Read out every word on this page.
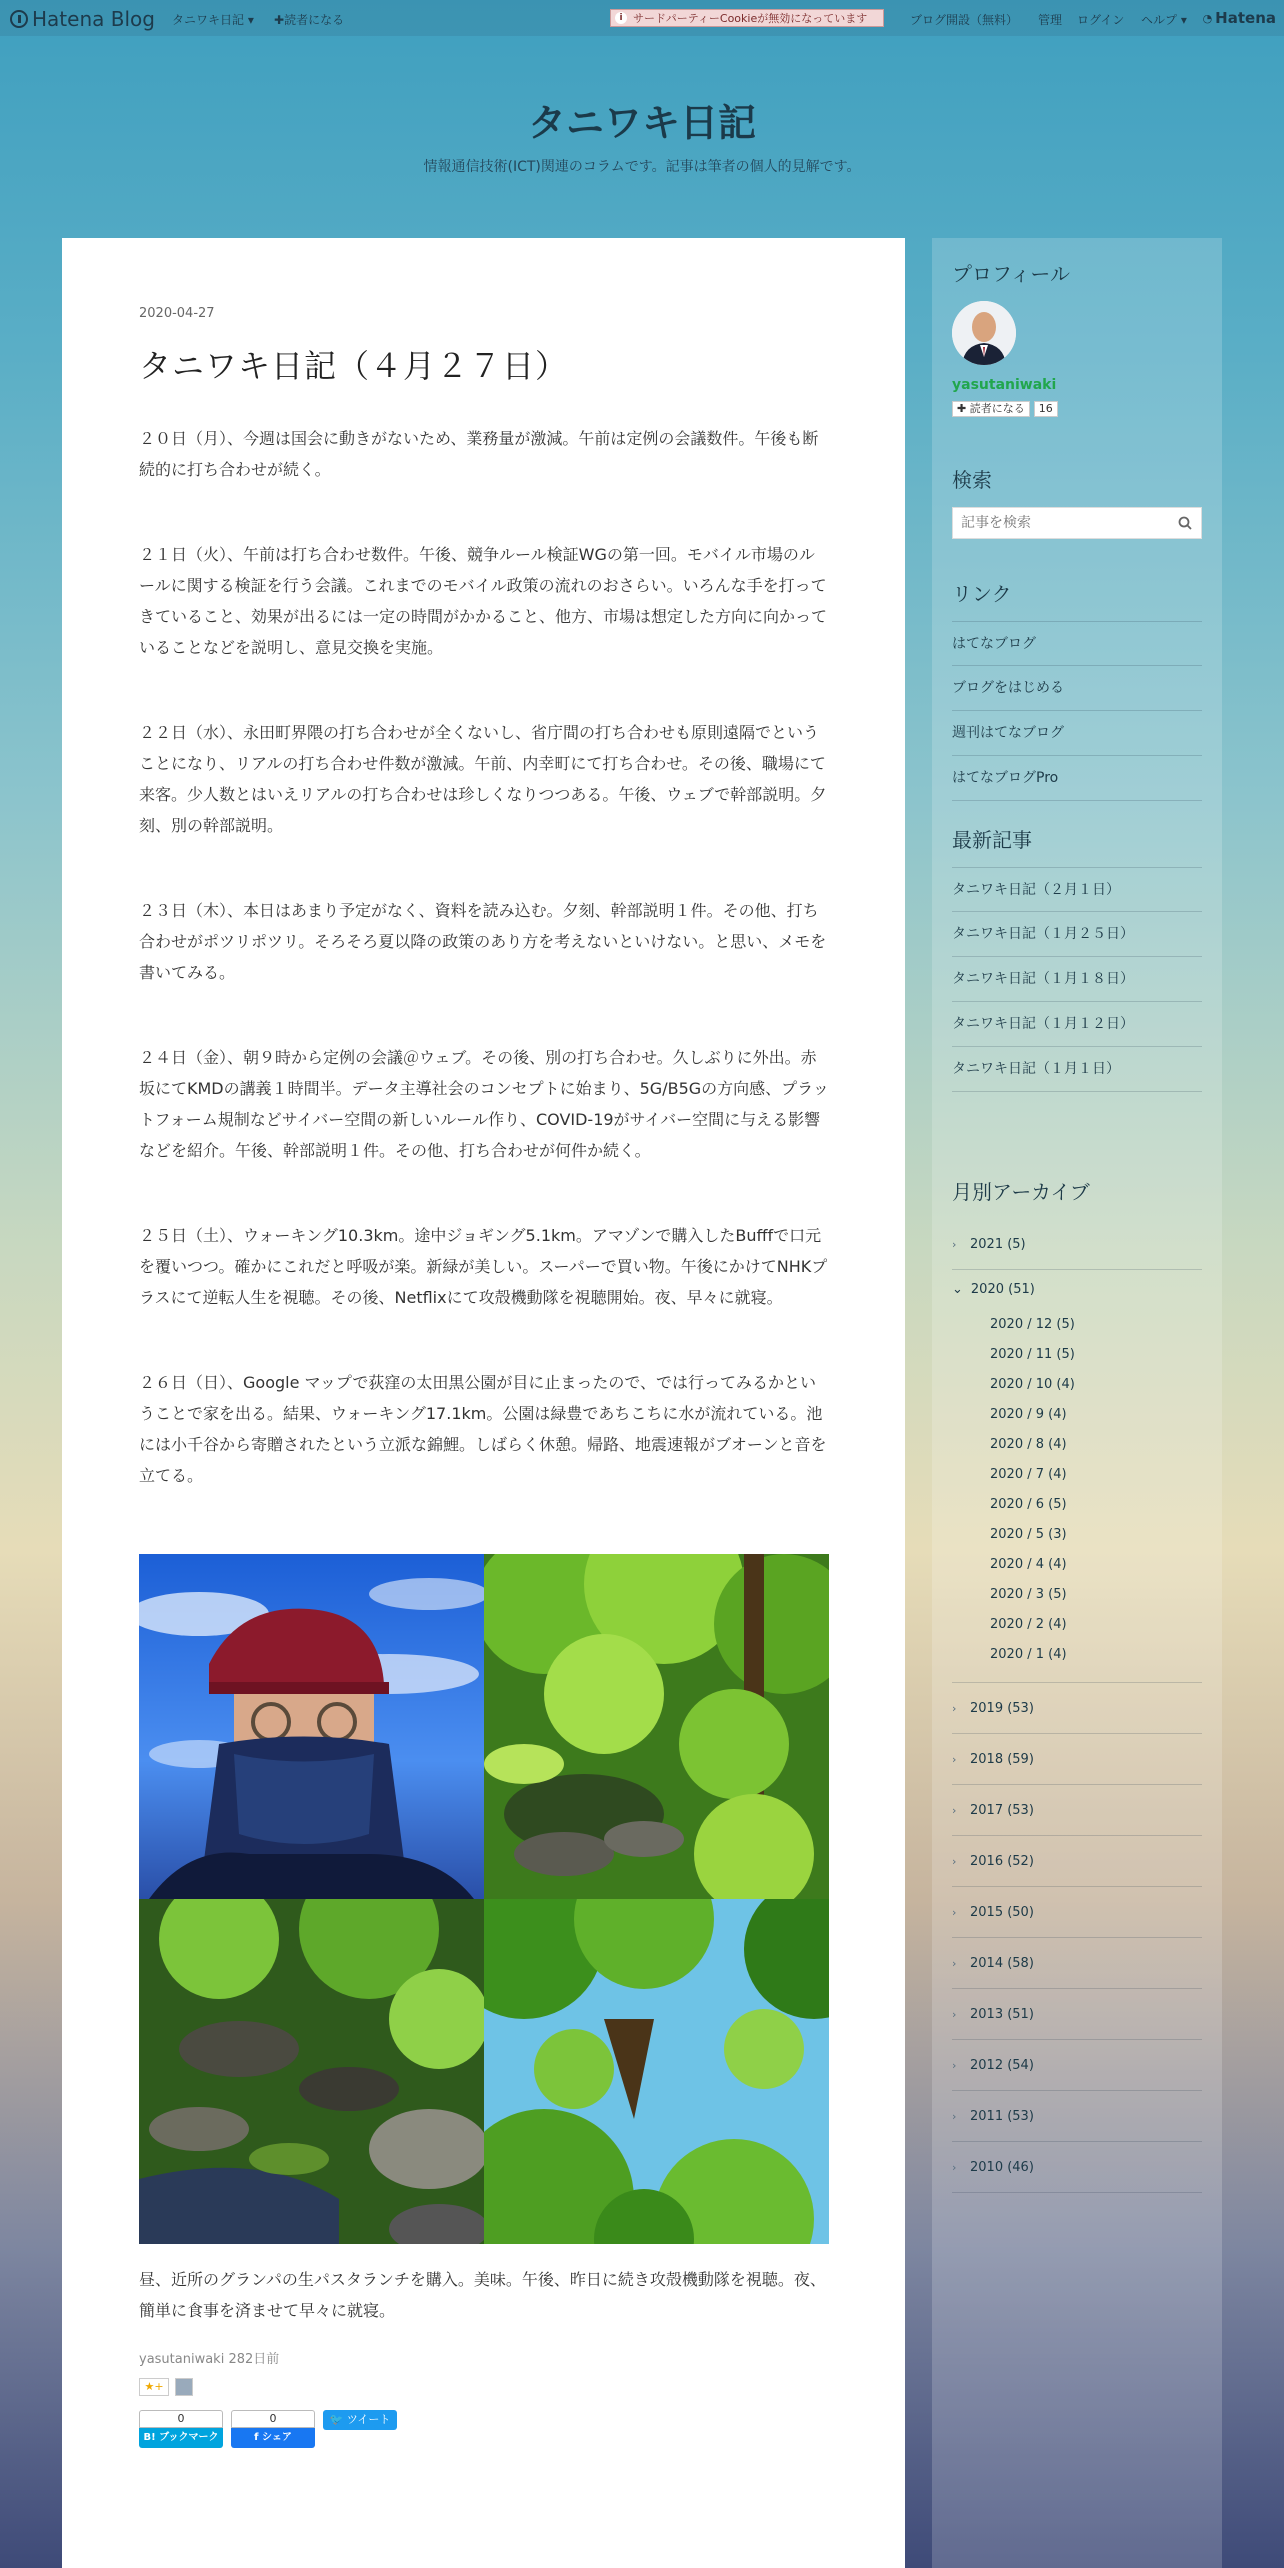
Hatena Blog タニワキ日記 ▾ ✚読者になる	i サードパーティーCookieが無効になっています	ブログ開設（無料） 管理 ログイン ヘルプ ▾ ◔ Hatena
タニワキ日記
情報通信技術(ICT)関連のコラムです。記事は筆者の個人的見解です。
2020-04-27
タニワキ日記（４月２７日）

２０日（月）、今週は国会に動きがないため、業務量が激減。午前は定例の会議数件。午後も断続的に打ち合わせが続く。

２１日（火）、午前は打ち合わせ数件。午後、競争ルール検証WGの第一回。モバイル市場のルールに関する検証を行う会議。これまでのモバイル政策の流れのおさらい。いろんな手を打ってきていること、効果が出るには一定の時間がかかること、他方、市場は想定した方向に向かっていることなどを説明し、意見交換を実施。

２２日（水）、永田町界隈の打ち合わせが全くないし、省庁間の打ち合わせも原則遠隔でということになり、リアルの打ち合わせ件数が激減。午前、内幸町にて打ち合わせ。その後、職場にて来客。少人数とはいえリアルの打ち合わせは珍しくなりつつある。午後、ウェブで幹部説明。夕刻、別の幹部説明。

２３日（木）、本日はあまり予定がなく、資料を読み込む。夕刻、幹部説明１件。その他、打ち合わせがポツリポツリ。そろそろ夏以降の政策のあり方を考えないといけない。と思い、メモを書いてみる。

２４日（金）、朝９時から定例の会議＠ウェブ。その後、別の打ち合わせ。久しぶりに外出。赤坂にてKMDの講義１時間半。データ主導社会のコンセプトに始まり、5G/B5Gの方向感、プラットフォーム規制などサイバー空間の新しいルール作り、COVID-19がサイバー空間に与える影響などを紹介。午後、幹部説明１件。その他、打ち合わせが何件か続く。

２５日（土）、ウォーキング10.3km。途中ジョギング5.1km。アマゾンで購入したBufffで口元を覆いつつ。確かにこれだと呼吸が楽。新緑が美しい。スーパーで買い物。午後にかけてNHKプラスにて逆転人生を視聴。その後、Netflixにて攻殻機動隊を視聴開始。夜、早々に就寝。

２６日（日）、Google マップで荻窪の太田黒公園が目に止まったので、では行ってみるかということで家を出る。結果、ウォーキング17.1km。公園は緑豊であちこちに水が流れている。池には小千谷から寄贈されたという立派な錦鯉。しばらく休憩。帰路、地震速報がブオーンと音を立てる。

昼、近所のグランパの生パスタランチを購入。美味。午後、昨日に続き攻殻機動隊を視聴。夜、簡単に食事を済ませて早々に就寝。
yasutaniwaki 282日前
★+
0
B! ブックマーク
0
f シェア
🐦 ツイート
プロフィール
yasutaniwaki
✚ 読者になる	16
検索
記事を検索
リンク
はてなブログ
ブログをはじめる
週刊はてなブログ
はてなブログPro
最新記事
タニワキ日記（２月１日）
タニワキ日記（１月２５日）
タニワキ日記（１月１８日）
タニワキ日記（１月１２日）
タニワキ日記（１月１日）
月別アーカイブ
›	2021 (5)
⌄ 2020 (51)
2020 / 12 (5)
2020 / 11 (5)
2020 / 10 (4)
2020 / 9 (4)
2020 / 8 (4)
2020 / 7 (4)
2020 / 6 (5)
2020 / 5 (3)
2020 / 4 (4)
2020 / 3 (5)
2020 / 2 (4)
2020 / 1 (4)
›	2019 (53)
›	2018 (59)
›	2017 (53)
›	2016 (52)
›	2015 (50)
›	2014 (58)
›	2013 (51)
›	2012 (54)
›	2011 (53)
›	2010 (46)
